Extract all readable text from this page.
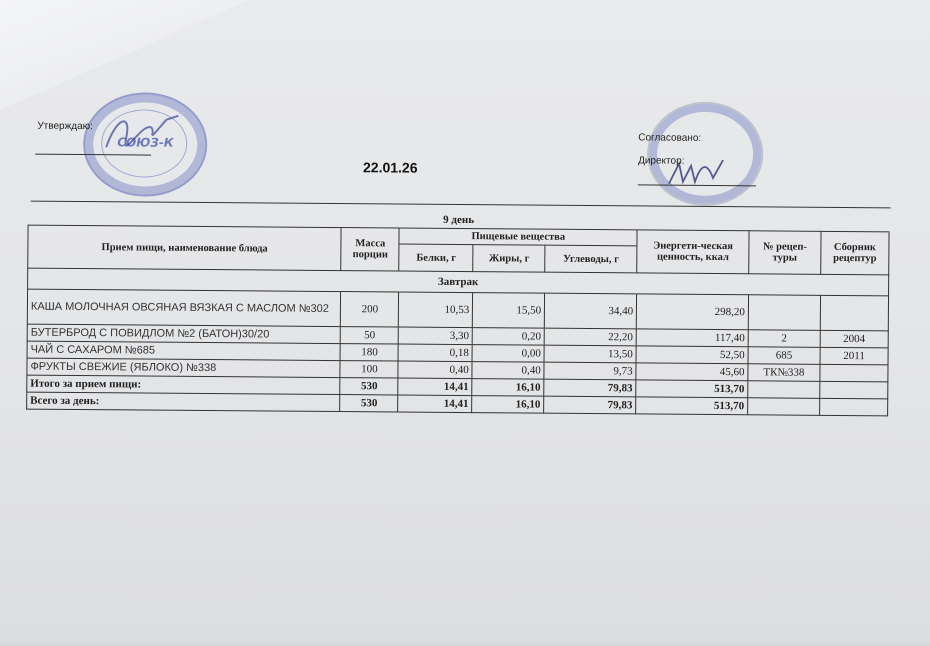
СОЮЗ-К
Утверждаю:
22.01.26
Согласовано:
Директор:
9 день							
Прием пищи, наименование блюда	Масса порции	Пищевые вещества			Энергети-ческая ценность, ккал	№ рецеп-туры	Сборник рецептур
		Белки, г	Жиры, г	Углеводы, г			
Завтрак							
КАША МОЛОЧНАЯ ОВСЯНАЯ ВЯЗКАЯ С МАСЛОМ №302	200	10,53	15,50	34,40	298,20		
БУТЕРБРОД С ПОВИДЛОМ №2 (БАТОН)30/20	50	3,30	0,20	22,20	117,40	2	2004
ЧАЙ С САХАРОМ №685	180	0,18	0,00	13,50	52,50	685	2011
ФРУКТЫ СВЕЖИЕ (ЯБЛОКО) №338	100	0,40	0,40	9,73	45,60	ТК№338	
Итого за прием пищи:	530	14,41	16,10	79,83	513,70		
Всего за день:	530	14,41	16,10	79,83	513,70		
